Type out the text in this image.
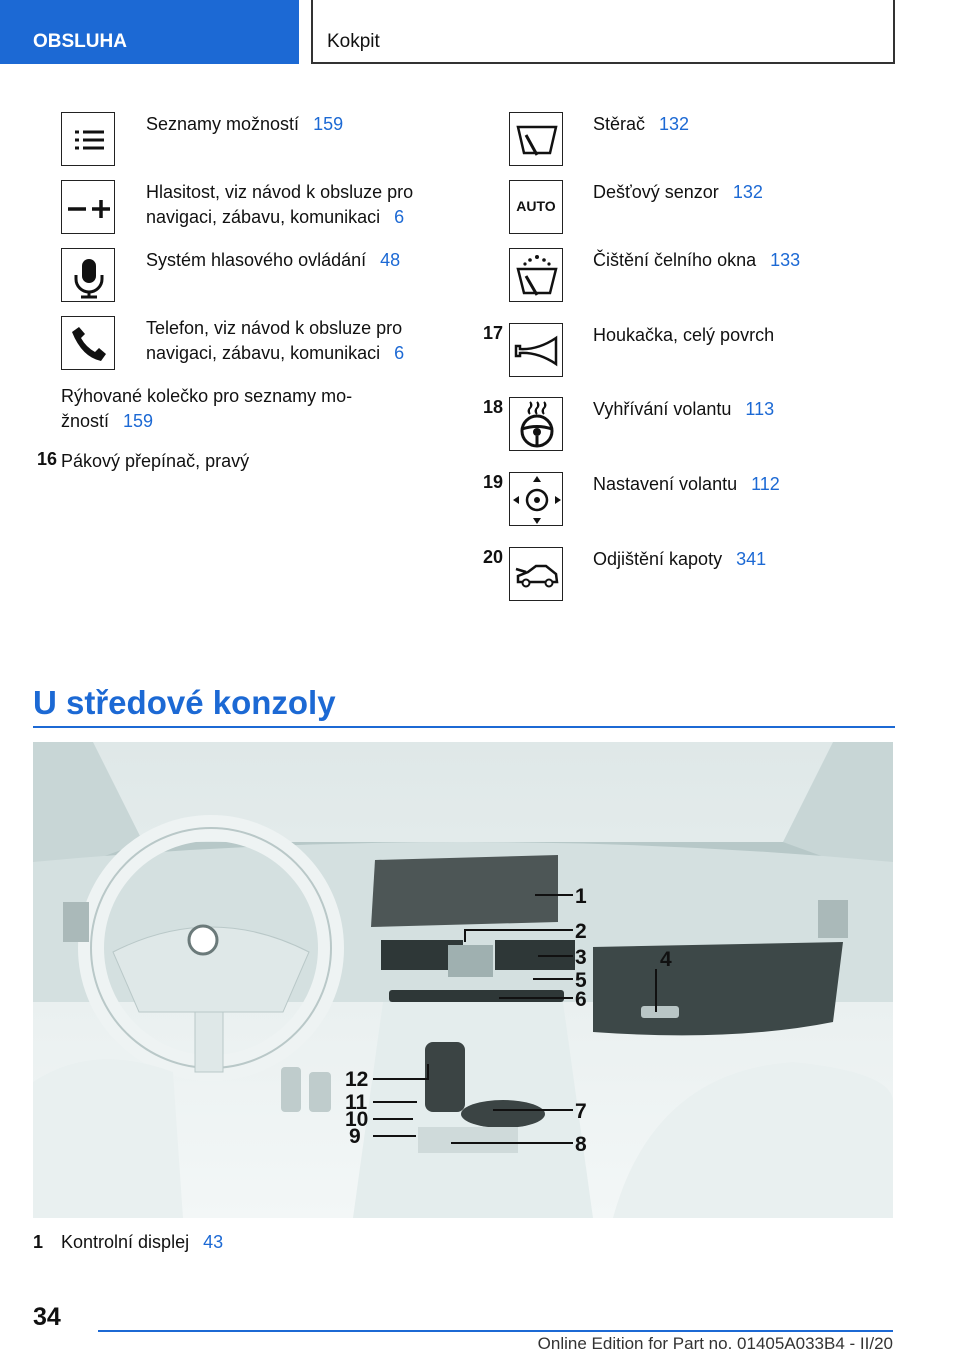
OBSLUHA	Kokpit
Seznamy možností 159
Hlasitost, viz návod k obsluze pro
navigaci, zábavu, komunikaci 6
Systém hlasového ovládání 48
Telefon, viz návod k obsluze pro
navigaci, zábavu, komunikaci 6
Rýhované kolečko pro seznamy mo-
žností 159
16 Pákový přepínač, pravý
Stěrač 132
AUTO
Dešťový senzor 132
Čištění čelního okna 133
17	Houkačka, celý povrch
18	Vyhřívání volantu 113
19	Nastavení volantu 112
20	Odjištění kapoty 341
U středové konzoly
1
2
3
5
6
4
12
11
10
9
7
8
1 Kontrolní displej 43
34
Online Edition for Part no. 01405A033B4 - II/20
